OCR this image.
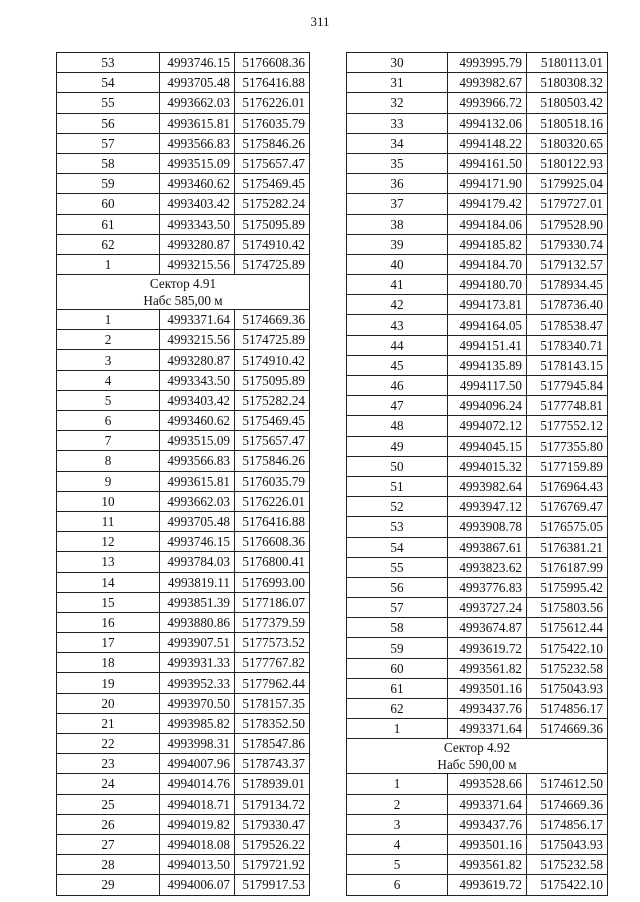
311
53	4993746.15	5176608.36
54	4993705.48	5176416.88
55	4993662.03	5176226.01
56	4993615.81	5176035.79
57	4993566.83	5175846.26
58	4993515.09	5175657.47
59	4993460.62	5175469.45
60	4993403.42	5175282.24
61	4993343.50	5175095.89
62	4993280.87	5174910.42
1	4993215.56	5174725.89

Сектор 4.91
Набс 585,00 м		

1	4993371.64	5174669.36
2	4993215.56	5174725.89
3	4993280.87	5174910.42
4	4993343.50	5175095.89
5	4993403.42	5175282.24
6	4993460.62	5175469.45
7	4993515.09	5175657.47
8	4993566.83	5175846.26
9	4993615.81	5176035.79
10	4993662.03	5176226.01
11	4993705.48	5176416.88
12	4993746.15	5176608.36
13	4993784.03	5176800.41
14	4993819.11	5176993.00
15	4993851.39	5177186.07
16	4993880.86	5177379.59
17	4993907.51	5177573.52
18	4993931.33	5177767.82
19	4993952.33	5177962.44
20	4993970.50	5178157.35
21	4993985.82	5178352.50
22	4993998.31	5178547.86
23	4994007.96	5178743.37
24	4994014.76	5178939.01
25	4994018.71	5179134.72
26	4994019.82	5179330.47
27	4994018.08	5179526.22
28	4994013.50	5179721.92
29	4994006.07	5179917.53
30	4993995.79	5180113.01
31	4993982.67	5180308.32
32	4993966.72	5180503.42
33	4994132.06	5180518.16
34	4994148.22	5180320.65
35	4994161.50	5180122.93
36	4994171.90	5179925.04
37	4994179.42	5179727.01
38	4994184.06	5179528.90
39	4994185.82	5179330.74
40	4994184.70	5179132.57
41	4994180.70	5178934.45
42	4994173.81	5178736.40
43	4994164.05	5178538.47
44	4994151.41	5178340.71
45	4994135.89	5178143.15
46	4994117.50	5177945.84
47	4994096.24	5177748.81
48	4994072.12	5177552.12
49	4994045.15	5177355.80
50	4994015.32	5177159.89
51	4993982.64	5176964.43
52	4993947.12	5176769.47
53	4993908.78	5176575.05
54	4993867.61	5176381.21
55	4993823.62	5176187.99
56	4993776.83	5175995.42
57	4993727.24	5175803.56
58	4993674.87	5175612.44
59	4993619.72	5175422.10
60	4993561.82	5175232.58
61	4993501.16	5175043.93
62	4993437.76	5174856.17
1	4993371.64	5174669.36

Сектор 4.92
Набс 590,00 м		

1	4993528.66	5174612.50
2	4993371.64	5174669.36
3	4993437.76	5174856.17
4	4993501.16	5175043.93
5	4993561.82	5175232.58
6	4993619.72	5175422.10
